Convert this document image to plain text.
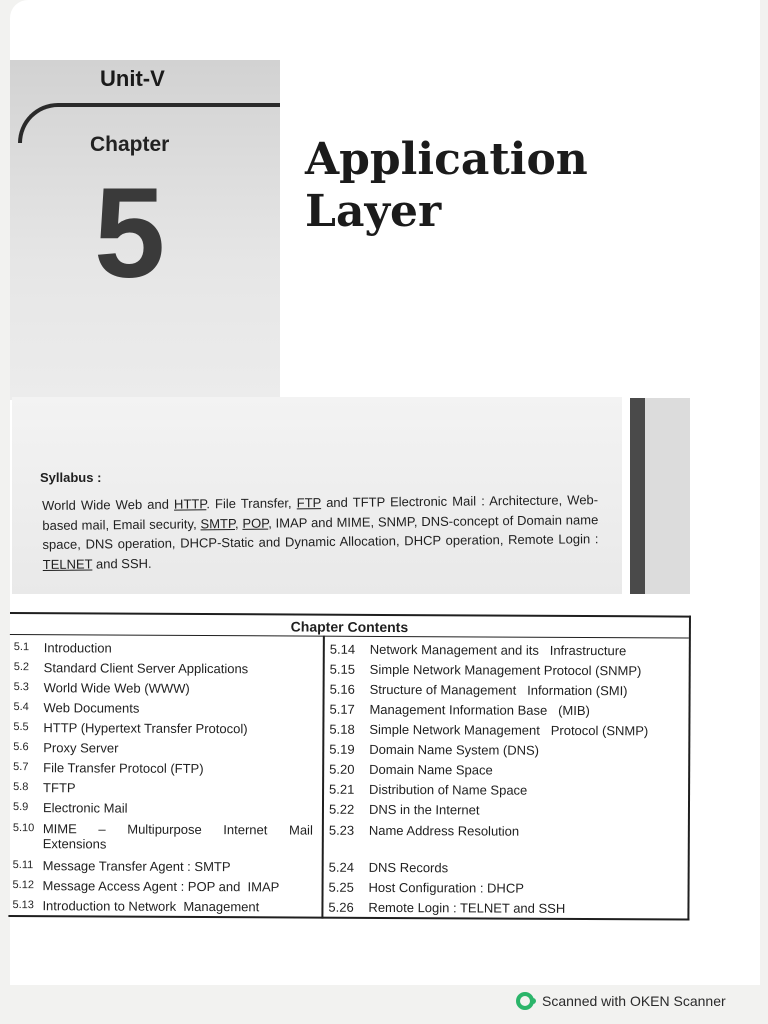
Unit-V
Chapter
5
Application
Layer
Syllabus :
World Wide Web and HTTP. File Transfer, FTP and TFTP Electronic Mail : Architecture, Web-based mail, Email security, SMTP, POP, IMAP and MIME, SNMP, DNS-concept of Domain name space, DNS operation, DHCP-Static and Dynamic Allocation, DHCP operation, Remote Login : TELNET and SSH.
Chapter Contents
5.1	Introduction
5.2	Standard Client Server Applications
5.3	World Wide Web (WWW)
5.4	Web Documents
5.5	HTTP (Hypertext Transfer Protocol)
5.6	Proxy Server
5.7	File Transfer Protocol (FTP)
5.8	TFTP
5.9	Electronic Mail
5.10 MIME – Multipurpose Internet Mail
Extensions
5.11 Message Transfer Agent : SMTP
5.12 Message Access Agent : POP and  IMAP
5.13 Introduction to Network  Management
5.14	Network Management and its   Infrastructure
5.15	Simple Network Management Protocol (SNMP)
5.16	Structure of Management   Information (SMI)
5.17	Management Information Base   (MIB)
5.18	Simple Network Management   Protocol (SNMP)
5.19	Domain Name System (DNS)
5.20	Domain Name Space
5.21	Distribution of Name Space
5.22	DNS in the Internet
5.23	Name Address Resolution
5.24	DNS Records
5.25	Host Configuration : DHCP
5.26	Remote Login : TELNET and SSH
Scanned with OKEN Scanner
